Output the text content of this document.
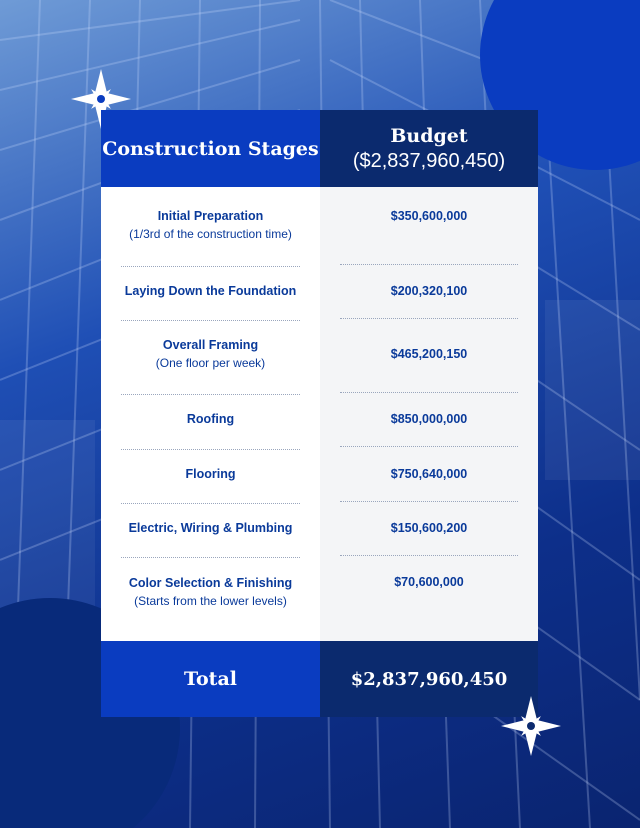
Construction Stages
Budget
($2,837,960,450)
Initial Preparation
(1/3rd of the construction time)
Laying Down the Foundation
Overall Framing
(One floor per week)
Roofing
Flooring
Electric, Wiring & Plumbing
Color Selection & Finishing
(Starts from the lower levels)
$350,600,000
$200,320,100
$465,200,150
$850,000,000
$750,640,000
$150,600,200
$70,600,000
Total	$2,837,960,450
